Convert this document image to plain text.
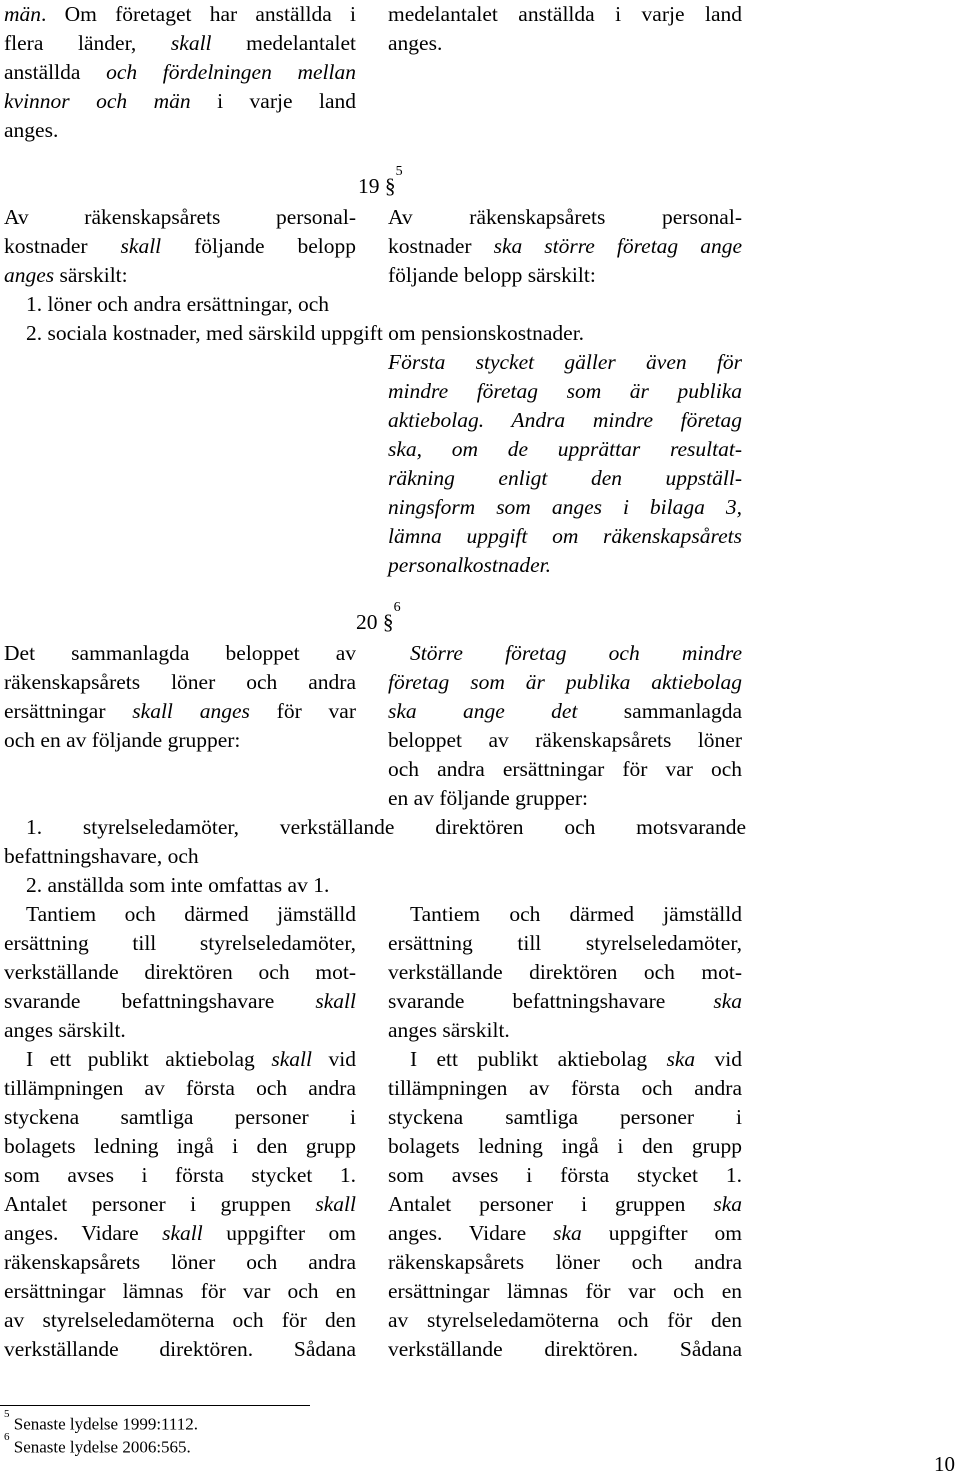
män. Om företaget har anställda i
flera länder, skall medelantalet
anställda och fördelningen mellan
kvinnor och män i varje land
anges.
medelantalet anställda i varje land
anges.
19 §$^5$
Av räkenskapsårets personal-
kostnader skall följande belopp
anges särskilt:
Av räkenskapsårets personal-
kostnader ska större företag ange
följande belopp särskilt:
1. löner och andra ersättningar, och
2. sociala kostnader, med särskild uppgift om pensionskostnader.
Första stycket gäller även för
mindre företag som är publika
aktiebolag. Andra mindre företag
ska, om de upprättar resultat-
räkning enligt den uppställ-
ningsform som anges i bilaga 3,
lämna uppgift om räkenskapsårets
personalkostnader.
20 §$^6$
Det sammanlagda beloppet av
räkenskapsårets löner och andra
ersättningar skall anges för var
och en av följande grupper:
Större företag och mindre
företag som är publika aktiebolag
ska ange det sammanlagda
beloppet av räkenskapsårets löner
och andra ersättningar för var och
en av följande grupper:
1. styrelseledamöter, verkställande direktören och motsvarande
befattningshavare, och
2. anställda som inte omfattas av 1.
Tantiem och därmed jämställd
ersättning till styrelseledamöter,
verkställande direktören och mot-
svarande befattningshavare skall
anges särskilt.
I ett publikt aktiebolag skall vid
tillämpningen av första och andra
styckena samtliga personer i
bolagets ledning ingå i den grupp
som avses i första stycket 1.
Antalet personer i gruppen skall
anges. Vidare skall uppgifter om
räkenskapsårets löner och andra
ersättningar lämnas för var och en
av styrelseledamöterna och för den
verkställande direktören. Sådana
Tantiem och därmed jämställd
ersättning till styrelseledamöter,
verkställande direktören och mot-
svarande befattningshavare ska
anges särskilt.
I ett publikt aktiebolag ska vid
tillämpningen av första och andra
styckena samtliga personer i
bolagets ledning ingå i den grupp
som avses i första stycket 1.
Antalet personer i gruppen ska
anges. Vidare ska uppgifter om
räkenskapsårets löner och andra
ersättningar lämnas för var och en
av styrelseledamöterna och för den
verkställande direktören. Sådana
$^5$ Senaste lydelse 1999:1112.
$^6$ Senaste lydelse 2006:565.
10
